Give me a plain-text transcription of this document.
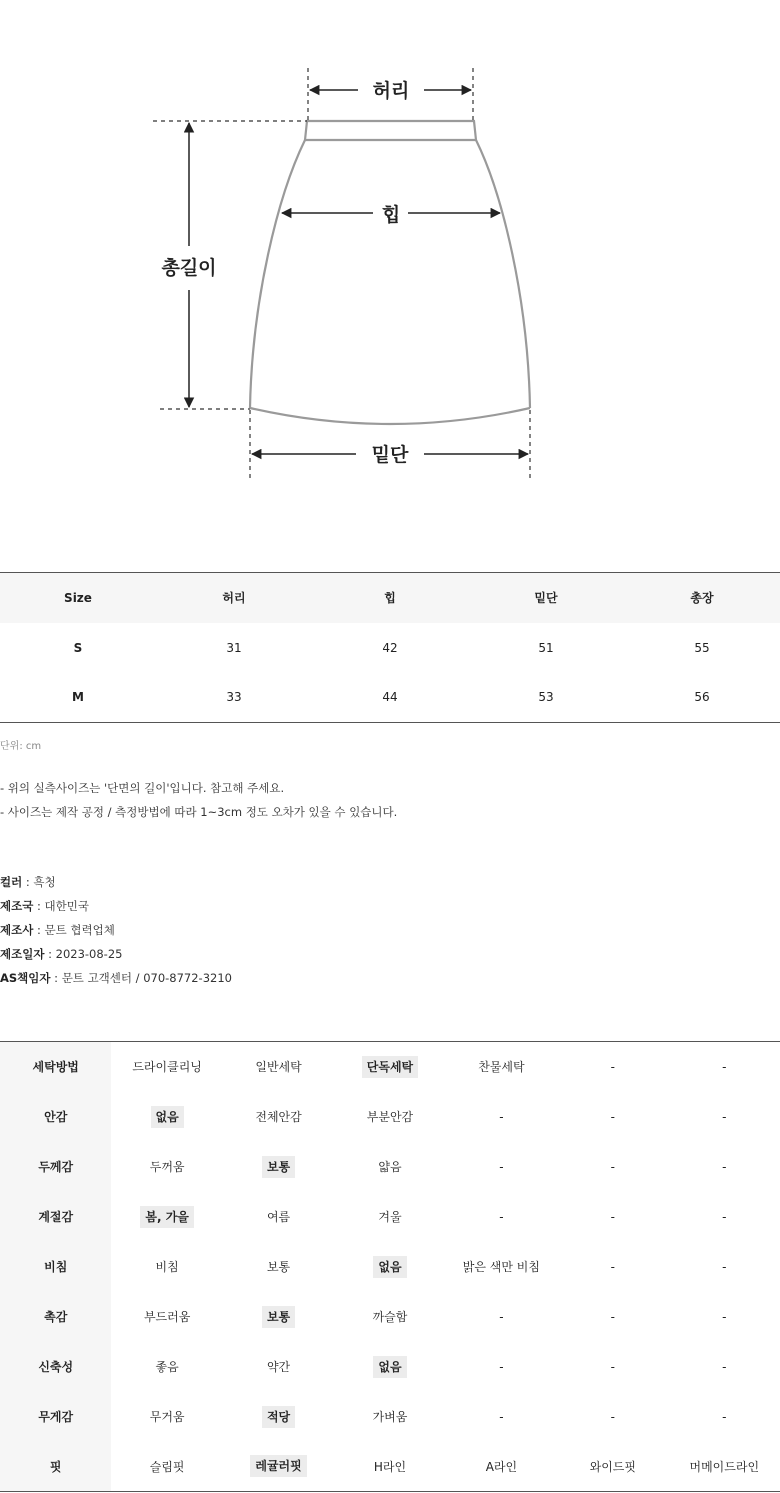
허리
힙
총길이
밑단
Size	허리	힙	밑단	총장
S	31	42	51	55
M	33	44	53	56
단위: cm
- 위의 실측사이즈는 '단면의 길이'입니다. 참고해 주세요.
- 사이즈는 제작 공정 / 측정방법에 따라 1~3cm 정도 오차가 있을 수 있습니다.
컬러 : 흑청
제조국 : 대한민국
제조사 : 문트 협력업체
제조일자 : 2023-08-25
AS책임자 : 문트 고객센터 / 070-8772-3210
세탁방법	드라이클리닝	일반세탁	단독세탁	찬물세탁	-	-
안감	없음	전체안감	부분안감	-	-	-
두께감	두꺼움	보통	얇음	-	-	-
계절감	봄, 가을	여름	겨울	-	-	-
비침	비침	보통	없음	밝은 색만 비침	-	-
촉감	부드러움	보통	까슬함	-	-	-
신축성	좋음	약간	없음	-	-	-
무게감	무거움	적당	가벼움	-	-	-
핏	슬림핏	레귤러핏	H라인	A라인	와이드핏	머메이드라인
